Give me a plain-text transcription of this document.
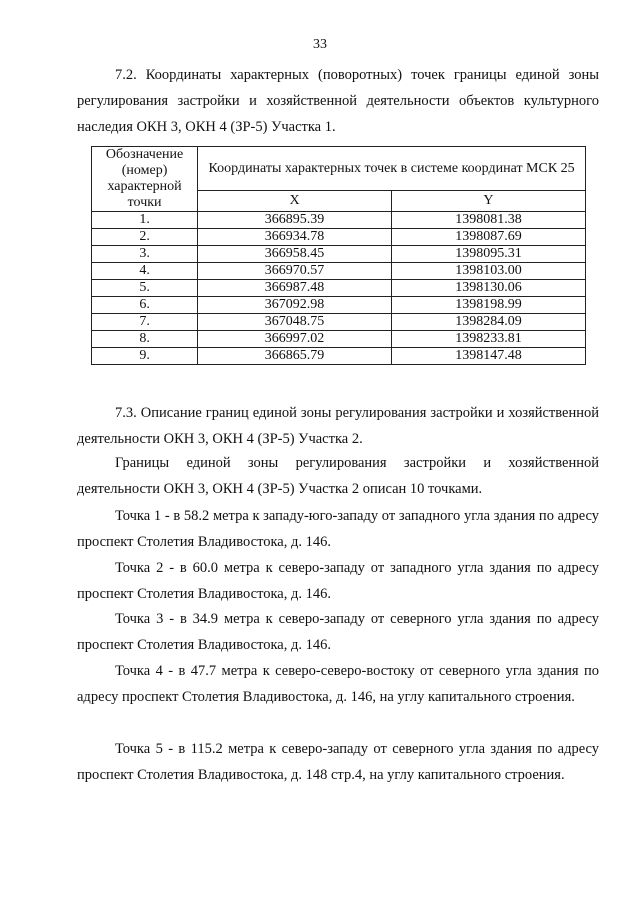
33

7.2. Координаты характерных (поворотных) точек границы единой зоны регулирования застройки и хозяйственной деятельности объектов культурного наследия ОКН 3, ОКН 4 (ЗР-5) Участка 1.

Обозначение (номер) характерной точки	Координаты характерных точек в системе координат МСК 25	
	X	Y
1.	366895.39	1398081.38
2.	366934.78	1398087.69
3.	366958.45	1398095.31
4.	366970.57	1398103.00
5.	366987.48	1398130.06
6.	367092.98	1398198.99
7.	367048.75	1398284.09
8.	366997.02	1398233.81
9.	366865.79	1398147.48

7.3. Описание границ единой зоны регулирования застройки и хозяйственной деятельности ОКН 3, ОКН 4 (ЗР-5) Участка 2.

Границы единой зоны регулирования застройки и хозяйственной деятельности ОКН 3, ОКН 4 (ЗР-5) Участка 2 описан 10 точками.

Точка 1 - в 58.2 метра к западу-юго-западу от западного угла здания по адресу проспект Столетия Владивостока, д. 146.

Точка 2 - в 60.0 метра к северо-западу от западного угла здания по адресу проспект Столетия Владивостока, д. 146.

Точка 3 - в 34.9 метра к северо-западу от северного угла здания по адресу проспект Столетия Владивостока, д. 146.

Точка 4 - в 47.7 метра к северо-северо-востоку от северного угла здания по адресу проспект Столетия Владивостока, д. 146, на углу капитального строения.

Точка 5 - в 115.2 метра к северо-западу от северного угла здания по адресу проспект Столетия Владивостока, д. 148 стр.4, на углу капитального строения.
